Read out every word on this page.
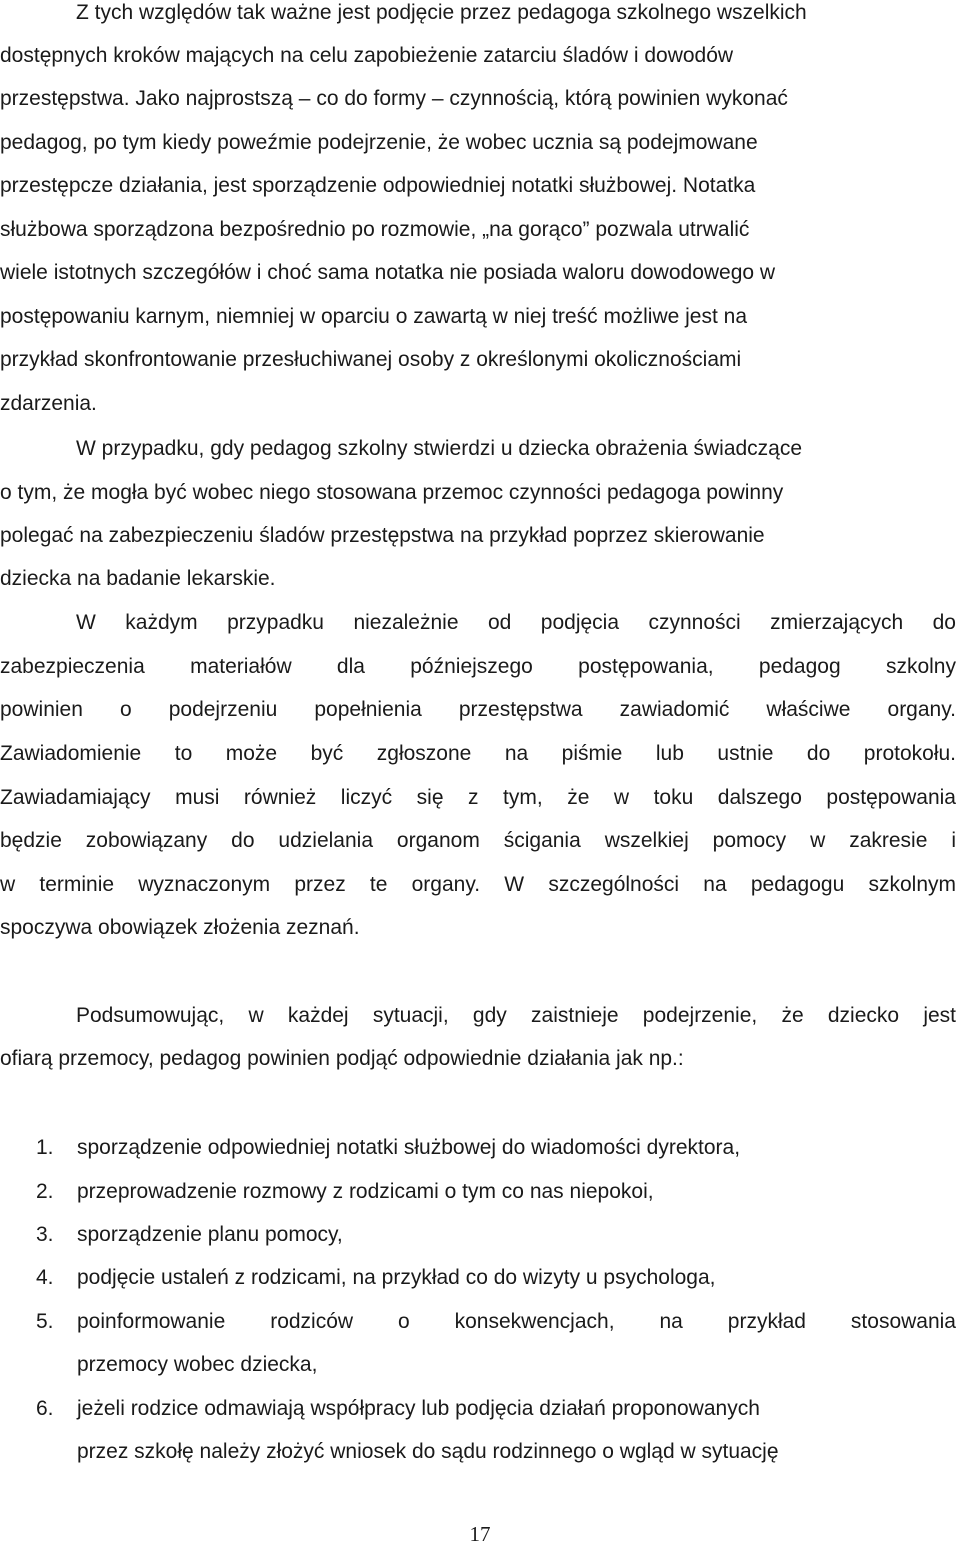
Z tych względów tak ważne jest podjęcie przez pedagoga szkolnego wszelkich
dostępnych kroków mających na celu zapobieżenie zatarciu śladów i dowodów
przestępstwa. Jako najprostszą – co do formy – czynnością, którą powinien wykonać
pedagog, po tym kiedy poweźmie podejrzenie, że wobec ucznia są podejmowane
przestępcze działania, jest sporządzenie odpowiedniej notatki służbowej. Notatka
służbowa sporządzona bezpośrednio po rozmowie, „na gorąco” pozwala utrwalić
wiele istotnych szczegółów i choć sama notatka nie posiada waloru dowodowego w
postępowaniu karnym, niemniej w oparciu o zawartą w niej treść możliwe jest na
przykład skonfrontowanie przesłuchiwanej osoby z określonymi okolicznościami
zdarzenia.
W przypadku, gdy pedagog szkolny stwierdzi u dziecka obrażenia świadczące
o tym, że mogła być wobec niego stosowana przemoc czynności pedagoga powinny
polegać na zabezpieczeniu śladów przestępstwa na przykład poprzez skierowanie
dziecka na badanie lekarskie.
W każdym przypadku niezależnie od podjęcia czynności zmierzających do
zabezpieczenia materiałów dla późniejszego postępowania, pedagog szkolny
powinien o podejrzeniu popełnienia przestępstwa zawiadomić właściwe organy.
Zawiadomienie to może być zgłoszone na piśmie lub ustnie do protokołu.
Zawiadamiający musi również liczyć się z tym, że w toku dalszego postępowania
będzie zobowiązany do udzielania organom ścigania wszelkiej pomocy w zakresie i
w terminie wyznaczonym przez te organy. W szczególności na pedagogu szkolnym
spoczywa obowiązek złożenia zeznań.
Podsumowując, w każdej sytuacji, gdy zaistnieje podejrzenie, że dziecko jest
ofiarą przemocy, pedagog powinien podjąć odpowiednie działania jak np.:
1. sporządzenie odpowiedniej notatki służbowej do wiadomości dyrektora,
2. przeprowadzenie rozmowy z rodzicami o tym co nas niepokoi,
3. sporządzenie planu pomocy,
4. podjęcie ustaleń z rodzicami, na przykład co do wizyty u psychologa,
5. poinformowanie rodziców o konsekwencjach, na przykład stosowania
przemocy wobec dziecka,
6. jeżeli rodzice odmawiają współpracy lub podjęcia działań proponowanych
przez szkołę należy złożyć wniosek do sądu rodzinnego o wgląd w sytuację
17
